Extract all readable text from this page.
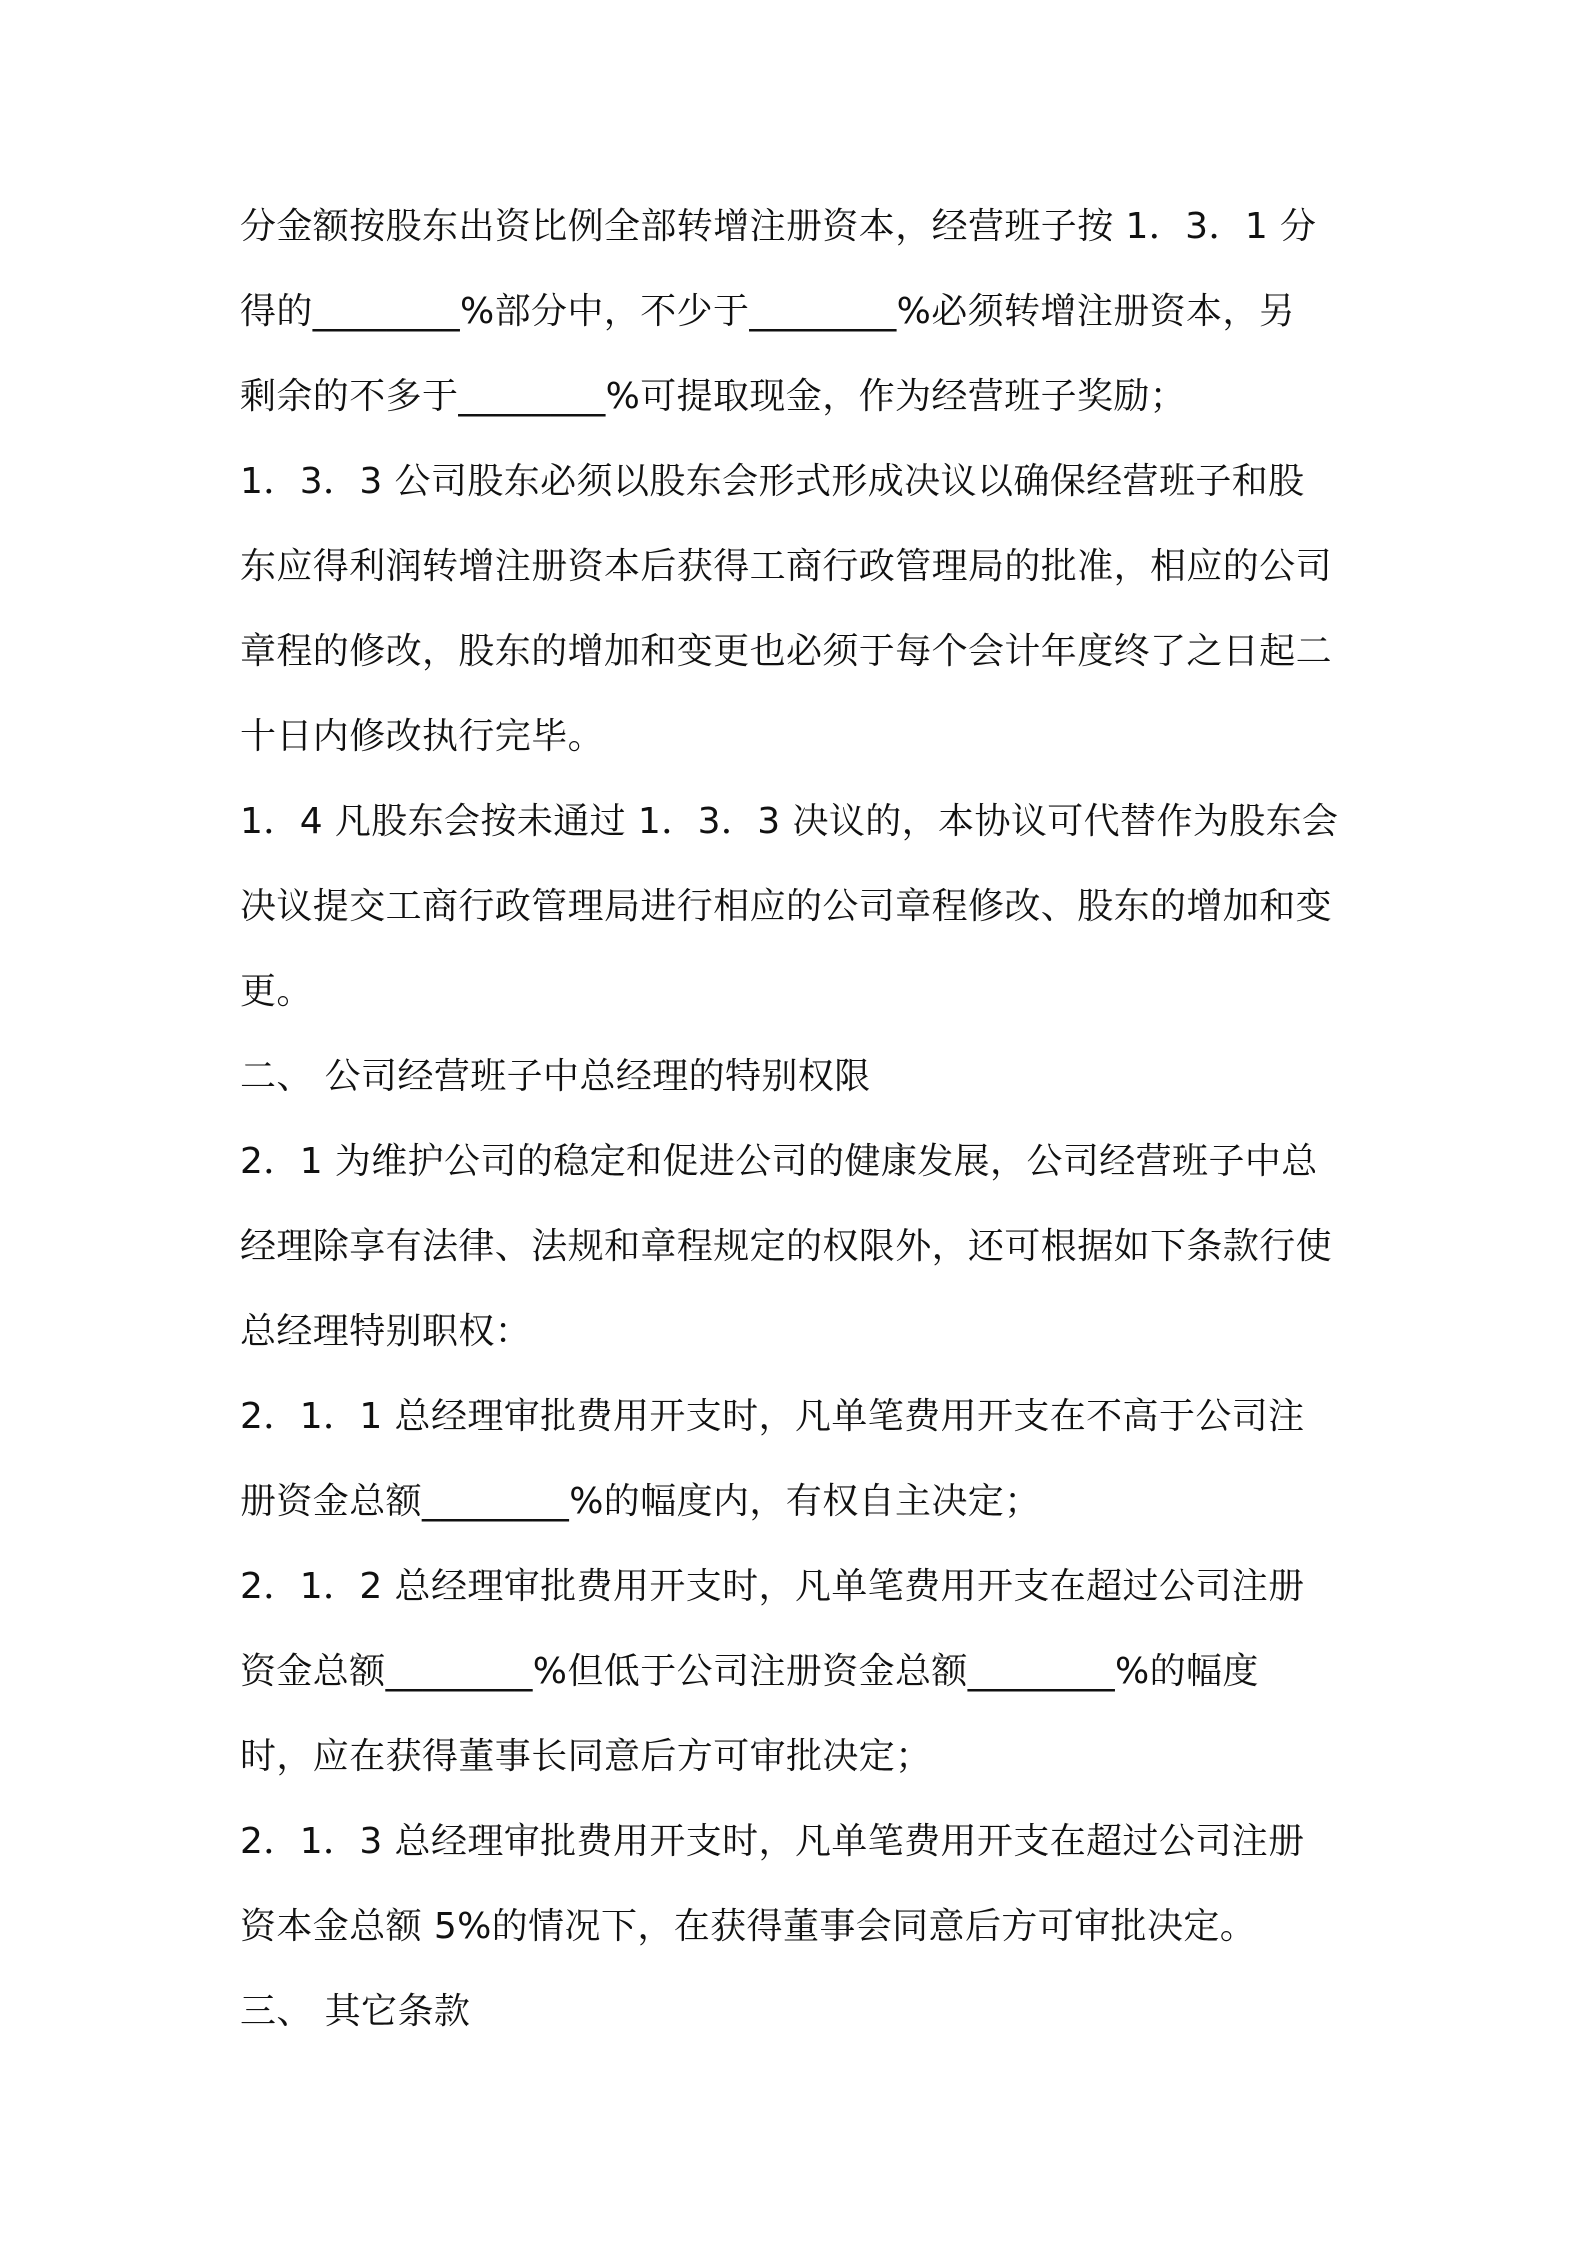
分金额按股东出资比例全部转增注册资本，经营班子按 1．3．1 分
得的________%部分中，不少于________%必须转增注册资本，另
剩余的不多于________%可提取现金，作为经营班子奖励；
1．3．3 公司股东必须以股东会形式形成决议以确保经营班子和股
东应得利润转增注册资本后获得工商行政管理局的批准，相应的公司
章程的修改，股东的增加和变更也必须于每个会计年度终了之日起二
十日内修改执行完毕。
1．4 凡股东会按未通过 1．3．3 决议的，本协议可代替作为股东会
决议提交工商行政管理局进行相应的公司章程修改、股东的增加和变
更。
二、 公司经营班子中总经理的特别权限
2．1 为维护公司的稳定和促进公司的健康发展，公司经营班子中总
经理除享有法律、法规和章程规定的权限外，还可根据如下条款行使
总经理特别职权：
2．1．1 总经理审批费用开支时，凡单笔费用开支在不高于公司注
册资金总额________%的幅度内，有权自主决定；
2．1．2 总经理审批费用开支时，凡单笔费用开支在超过公司注册
资金总额________%但低于公司注册资金总额________%的幅度
时，应在获得董事长同意后方可审批决定；
2．1．3 总经理审批费用开支时，凡单笔费用开支在超过公司注册
资本金总额 5%的情况下，在获得董事会同意后方可审批决定。
三、 其它条款
